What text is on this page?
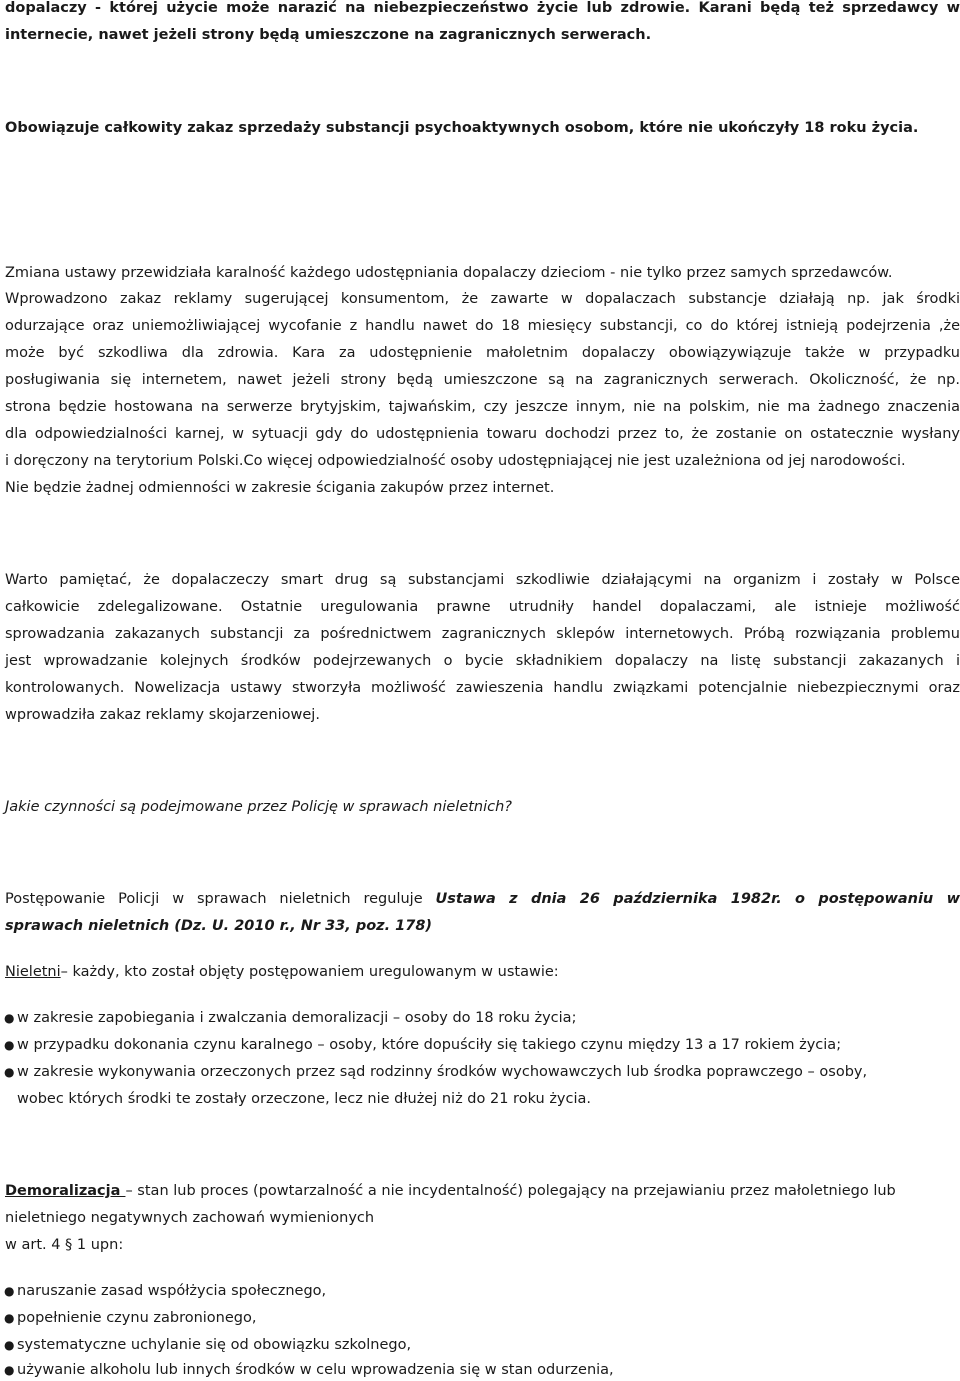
dopalaczy - której użycie może narazić na niebezpieczeństwo życie lub zdrowie. Karani będą też sprzedawcy w
internecie, nawet jeżeli strony będą umieszczone na zagranicznych serwerach.
Obowiązuje całkowity zakaz sprzedaży substancji psychoaktywnych osobom, które nie ukończyły 18 roku życia.
Zmiana ustawy przewidziała karalność każdego udostępniania dopalaczy dzieciom - nie tylko przez samych sprzedawców.
Wprowadzono zakaz reklamy sugerującej konsumentom, że zawarte w dopalaczach substancje działają np. jak środki
odurzające oraz uniemożliwiającej wycofanie z handlu nawet do 18 miesięcy substancji, co do której istnieją podejrzenia ,że
może być szkodliwa dla zdrowia. Kara za udostępnienie małoletnim dopalaczy obowiązywiązuje także w przypadku
posługiwania się internetem, nawet jeżeli strony będą umieszczone są na zagranicznych serwerach. Okoliczność, że np.
strona będzie hostowana na serwerze brytyjskim, tajwańskim, czy jeszcze innym, nie na polskim, nie ma żadnego znaczenia
dla odpowiedzialności karnej, w sytuacji gdy do udostępnienia towaru dochodzi przez to, że zostanie on ostatecznie wysłany
i doręczony na terytorium Polski.Co więcej odpowiedzialność osoby udostępniającej nie jest uzależniona od jej narodowości.
Nie będzie żadnej odmienności w zakresie ścigania zakupów przez internet.
Warto pamiętać, że dopalaczeczy smart drug są substancjami szkodliwie działającymi na organizm i zostały w Polsce
całkowicie zdelegalizowane. Ostatnie uregulowania prawne utrudniły handel dopalaczami, ale istnieje możliwość
sprowadzania zakazanych substancji za pośrednictwem zagranicznych sklepów internetowych. Próbą rozwiązania problemu
jest wprowadzanie kolejnych środków podejrzewanych o bycie składnikiem dopalaczy na listę substancji zakazanych i
kontrolowanych. Nowelizacja ustawy stworzyła możliwość zawieszenia handlu związkami potencjalnie niebezpiecznymi oraz
wprowadziła zakaz reklamy skojarzeniowej.
Jakie czynności są podejmowane przez Policję w sprawach nieletnich?
Postępowanie Policji w sprawach nieletnich reguluje Ustawa z dnia 26 października 1982r. o postępowaniu w
sprawach nieletnich (Dz. U. 2010 r., Nr 33, poz. 178)
Nieletni– każdy, kto został objęty postępowaniem uregulowanym w ustawie:
● w zakresie zapobiegania i zwalczania demoralizacji – osoby do 18 roku życia;
● w przypadku dokonania czynu karalnego – osoby, które dopuściły się takiego czynu między 13 a 17 rokiem życia;
● w zakresie wykonywania orzeczonych przez sąd rodzinny środków wychowawczych lub środka poprawczego – osoby,
wobec których środki te zostały orzeczone, lecz nie dłużej niż do 21 roku życia.
Demoralizacja – stan lub proces (powtarzalność a nie incydentalność) polegający na przejawianiu przez małoletniego lub
nieletniego negatywnych zachowań wymienionych
w art. 4 § 1 upn:
● naruszanie zasad współżycia społecznego,
● popełnienie czynu zabronionego,
● systematyczne uchylanie się od obowiązku szkolnego,
● używanie alkoholu lub innych środków w celu wprowadzenia się w stan odurzenia,
